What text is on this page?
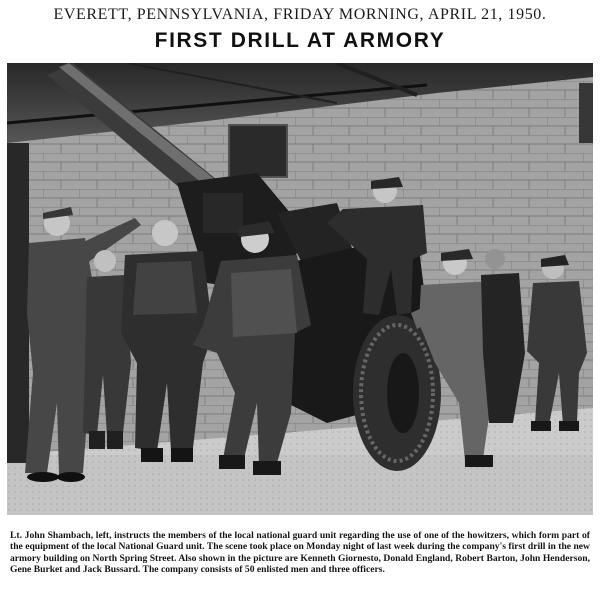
EVERETT, PENNSYLVANIA, FRIDAY MORNING, APRIL 21, 1950.
FIRST DRILL AT ARMORY

Lt. John Shambach, left, instructs the members of the local national guard unit regarding the use of one of the howitzers, which form part of the equipment of the local National Guard unit. The scene took place on Monday night of last week during the company's first drill in the new armory building on North Spring Street. Also shown in the picture are Kenneth Giornesto, Donald England, Robert Barton, John Henderson, Gene Burket and Jack Bussard. The company consists of 50 enlisted men and three officers.
